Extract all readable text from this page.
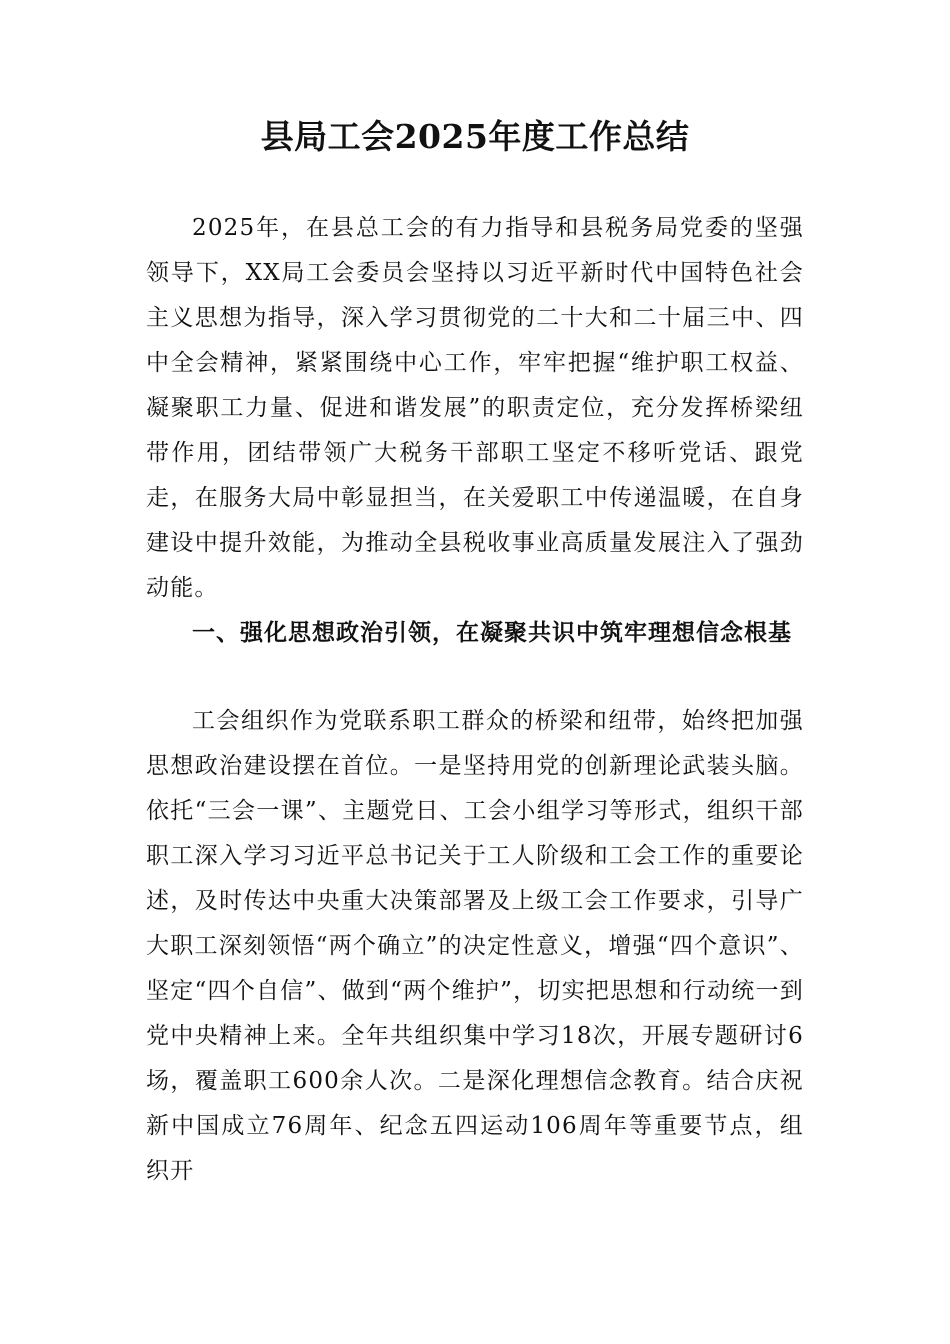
县局工会2025年度工作总结

2025年，在县总工会的有力指导和县税务局党委的坚强领导下，XX局工会委员会坚持以习近平新时代中国特色社会主义思想为指导，深入学习贯彻党的二十大和二十届三中、四中全会精神，紧紧围绕中心工作，牢牢把握“维护职工权益、凝聚职工力量、促进和谐发展”的职责定位，充分发挥桥梁纽带作用，团结带领广大税务干部职工坚定不移听党话、跟党走，在服务大局中彰显担当，在关爱职工中传递温暖，在自身建设中提升效能，为推动全县税收事业高质量发展注入了强劲动能。

一、强化思想政治引领，在凝聚共识中筑牢理想信念根基

工会组织作为党联系职工群众的桥梁和纽带，始终把加强思想政治建设摆在首位。一是坚持用党的创新理论武装头脑。依托“三会一课”、主题党日、工会小组学习等形式，组织干部职工深入学习习近平总书记关于工人阶级和工会工作的重要论述，及时传达中央重大决策部署及上级工会工作要求，引导广大职工深刻领悟“两个确立”的决定性意义，增强“四个意识”、坚定“四个自信”、做到“两个维护”，切实把思想和行动统一到党中央精神上来。全年共组织集中学习18次，开展专题研讨6场，覆盖职工600余人次。二是深化理想信念教育。结合庆祝新中国成立76周年、纪念五四运动106周年等重要节点，组织开
